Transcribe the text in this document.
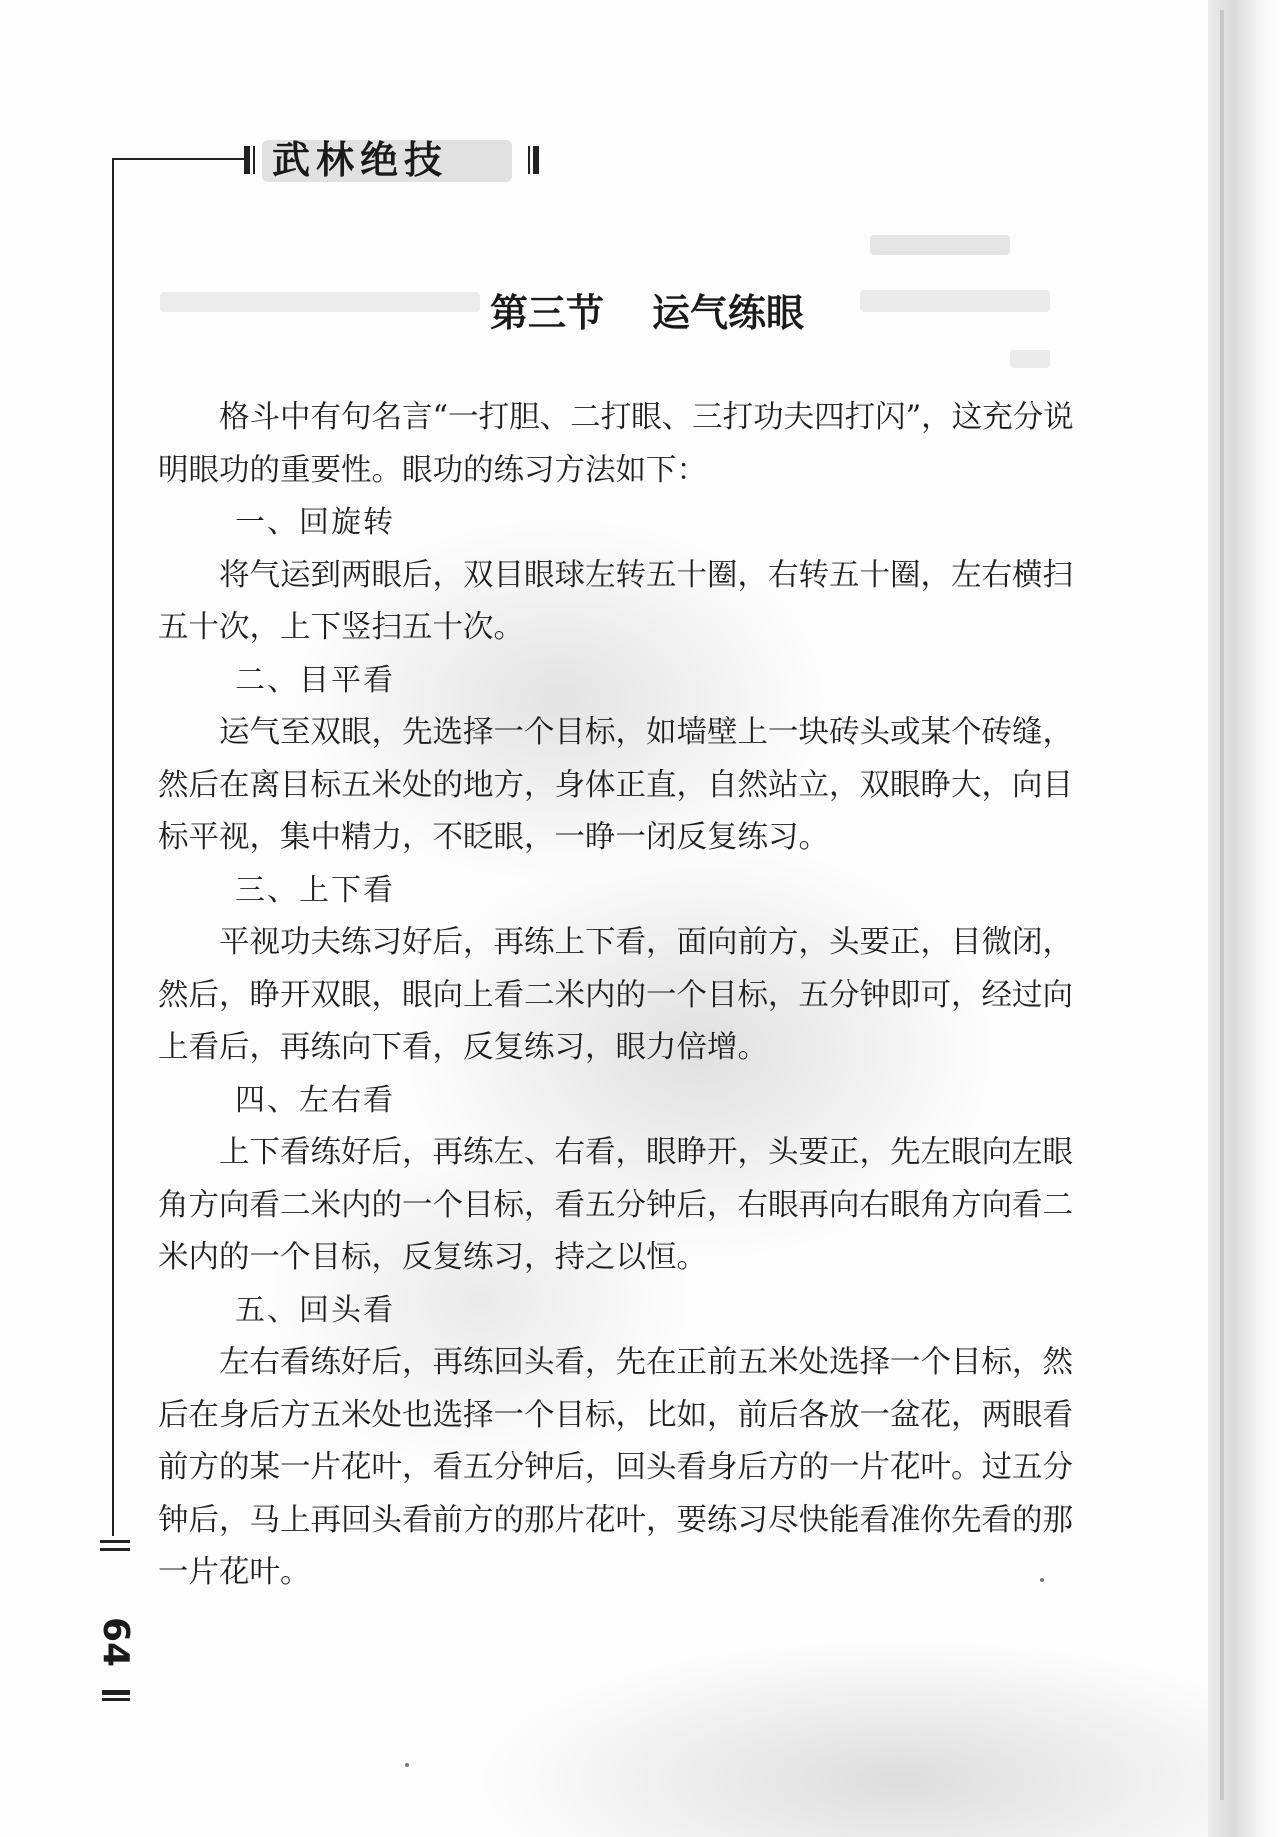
武林绝技
第三节 运气练眼

格斗中有句名言“一打胆、二打眼、三打功夫四打闪”，这充分说明眼功的重要性。眼功的练习方法如下：

一、回旋转

将气运到两眼后，双目眼球左转五十圈，右转五十圈，左右横扫五十次，上下竖扫五十次。

二、目平看

运气至双眼，先选择一个目标，如墙壁上一块砖头或某个砖缝，然后在离目标五米处的地方，身体正直，自然站立，双眼睁大，向目标平视，集中精力，不眨眼，一睁一闭反复练习。

三、上下看

平视功夫练习好后，再练上下看，面向前方，头要正，目微闭，然后，睁开双眼，眼向上看二米内的一个目标，五分钟即可，经过向上看后，再练向下看，反复练习，眼力倍增。

四、左右看

上下看练好后，再练左、右看，眼睁开，头要正，先左眼向左眼角方向看二米内的一个目标，看五分钟后，右眼再向右眼角方向看二米内的一个目标，反复练习，持之以恒。

五、回头看

左右看练好后，再练回头看，先在正前五米处选择一个目标，然后在身后方五米处也选择一个目标，比如，前后各放一盆花，两眼看前方的某一片花叶，看五分钟后，回头看身后方的一片花叶。过五分钟后，马上再回头看前方的那片花叶，要练习尽快能看准你先看的那一片花叶。

64
